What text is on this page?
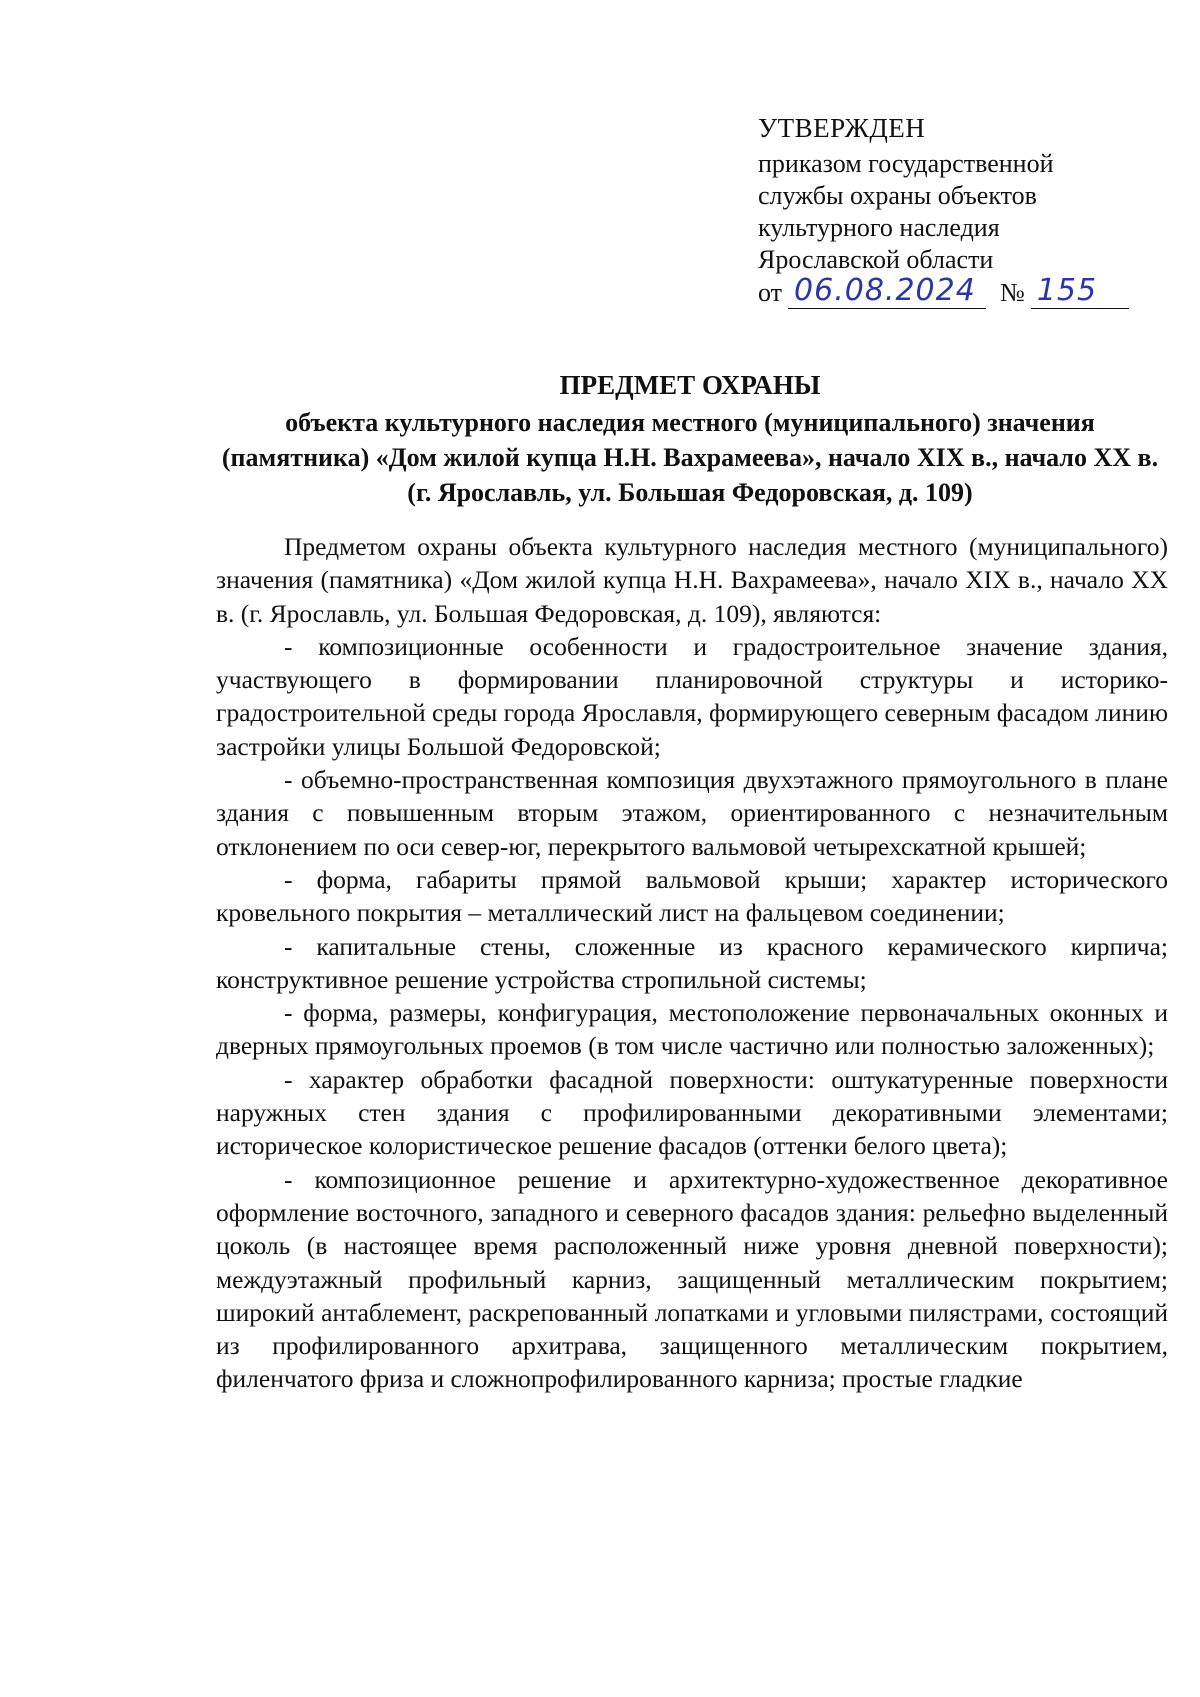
УТВЕРЖДЕН
приказом государственной
службы охраны объектов
культурного наследия
Ярославской области
от 06.08.2024 № 155
ПРЕДМЕТ ОХРАНЫ
объекта культурного наследия местного (муниципального) значения (памятника) «Дом жилой купца Н.Н. Вахрамеева», начало XIX в., начало XX в. (г. Ярославль, ул. Большая Федоровская, д. 109)

Предметом охраны объекта культурного наследия местного (муниципального) значения (памятника) «Дом жилой купца Н.Н. Вахрамеева», начало XIX в., начало XX в. (г. Ярославль, ул. Большая Федоровская, д. 109), являются:

- композиционные особенности и градостроительное значение здания, участвующего в формировании планировочной структуры и историко-градостроительной среды города Ярославля, формирующего северным фасадом линию застройки улицы Большой Федоровской;

- объемно-пространственная композиция двухэтажного прямоугольного в плане здания с повышенным вторым этажом, ориентированного с незначительным отклонением по оси север-юг, перекрытого вальмовой четырехскатной крышей;

- форма, габариты прямой вальмовой крыши; характер исторического кровельного покрытия – металлический лист на фальцевом соединении;

- капитальные стены, сложенные из красного керамического кирпича; конструктивное решение устройства стропильной системы;

- форма, размеры, конфигурация, местоположение первоначальных оконных и дверных прямоугольных проемов (в том числе частично или полностью заложенных);

- характер обработки фасадной поверхности: оштукатуренные поверхности наружных стен здания с профилированными декоративными элементами; историческое колористическое решение фасадов (оттенки белого цвета);

- композиционное решение и архитектурно-художественное декоративное оформление восточного, западного и северного фасадов здания: рельефно выделенный цоколь (в настоящее время расположенный ниже уровня дневной поверхности); междуэтажный профильный карниз, защищенный металлическим покрытием; широкий антаблемент, раскрепованный лопатками и угловыми пилястрами, состоящий из профилированного архитрава, защищенного металлическим покрытием, филенчатого фриза и сложнопрофилированного карниза; простые гладкие
